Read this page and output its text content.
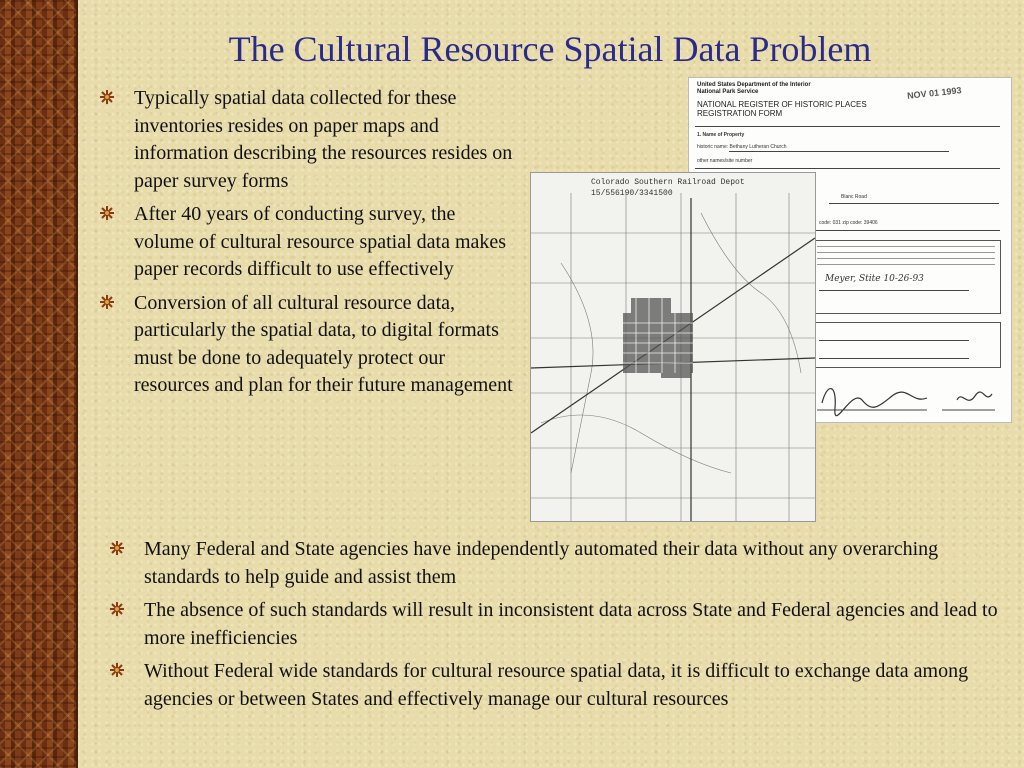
The Cultural Resource Spatial Data Problem
Typically spatial data collected for these inventories resides on paper maps and information describing the resources resides on paper survey forms
After 40 years of conducting survey, the volume of cultural resource spatial data makes paper records difficult to use effectively
Conversion of all cultural resource data, particularly the spatial data, to digital formats must be done to adequately protect our resources and plan for their future management
United States Department of the Interior
National Park Service
NATIONAL REGISTER OF HISTORIC PLACES
REGISTRATION FORM
NOV 01 1993
1. Name of Property
historic name: Bethany Lutheran Church
other names/site number
Blanc Road
code: 031 zip code: 39406
Meyer, Stite 10-26-93
Colorado Southern Railroad Depot
15/556190/3341500
Many Federal and State agencies have independently automated their data without any overarching standards to help guide and assist them
The absence of such standards will result in inconsistent data across State and Federal agencies and lead to more inefficiencies
Without Federal wide standards for cultural resource spatial data, it is difficult to exchange data among agencies or between States and effectively manage our cultural resources
